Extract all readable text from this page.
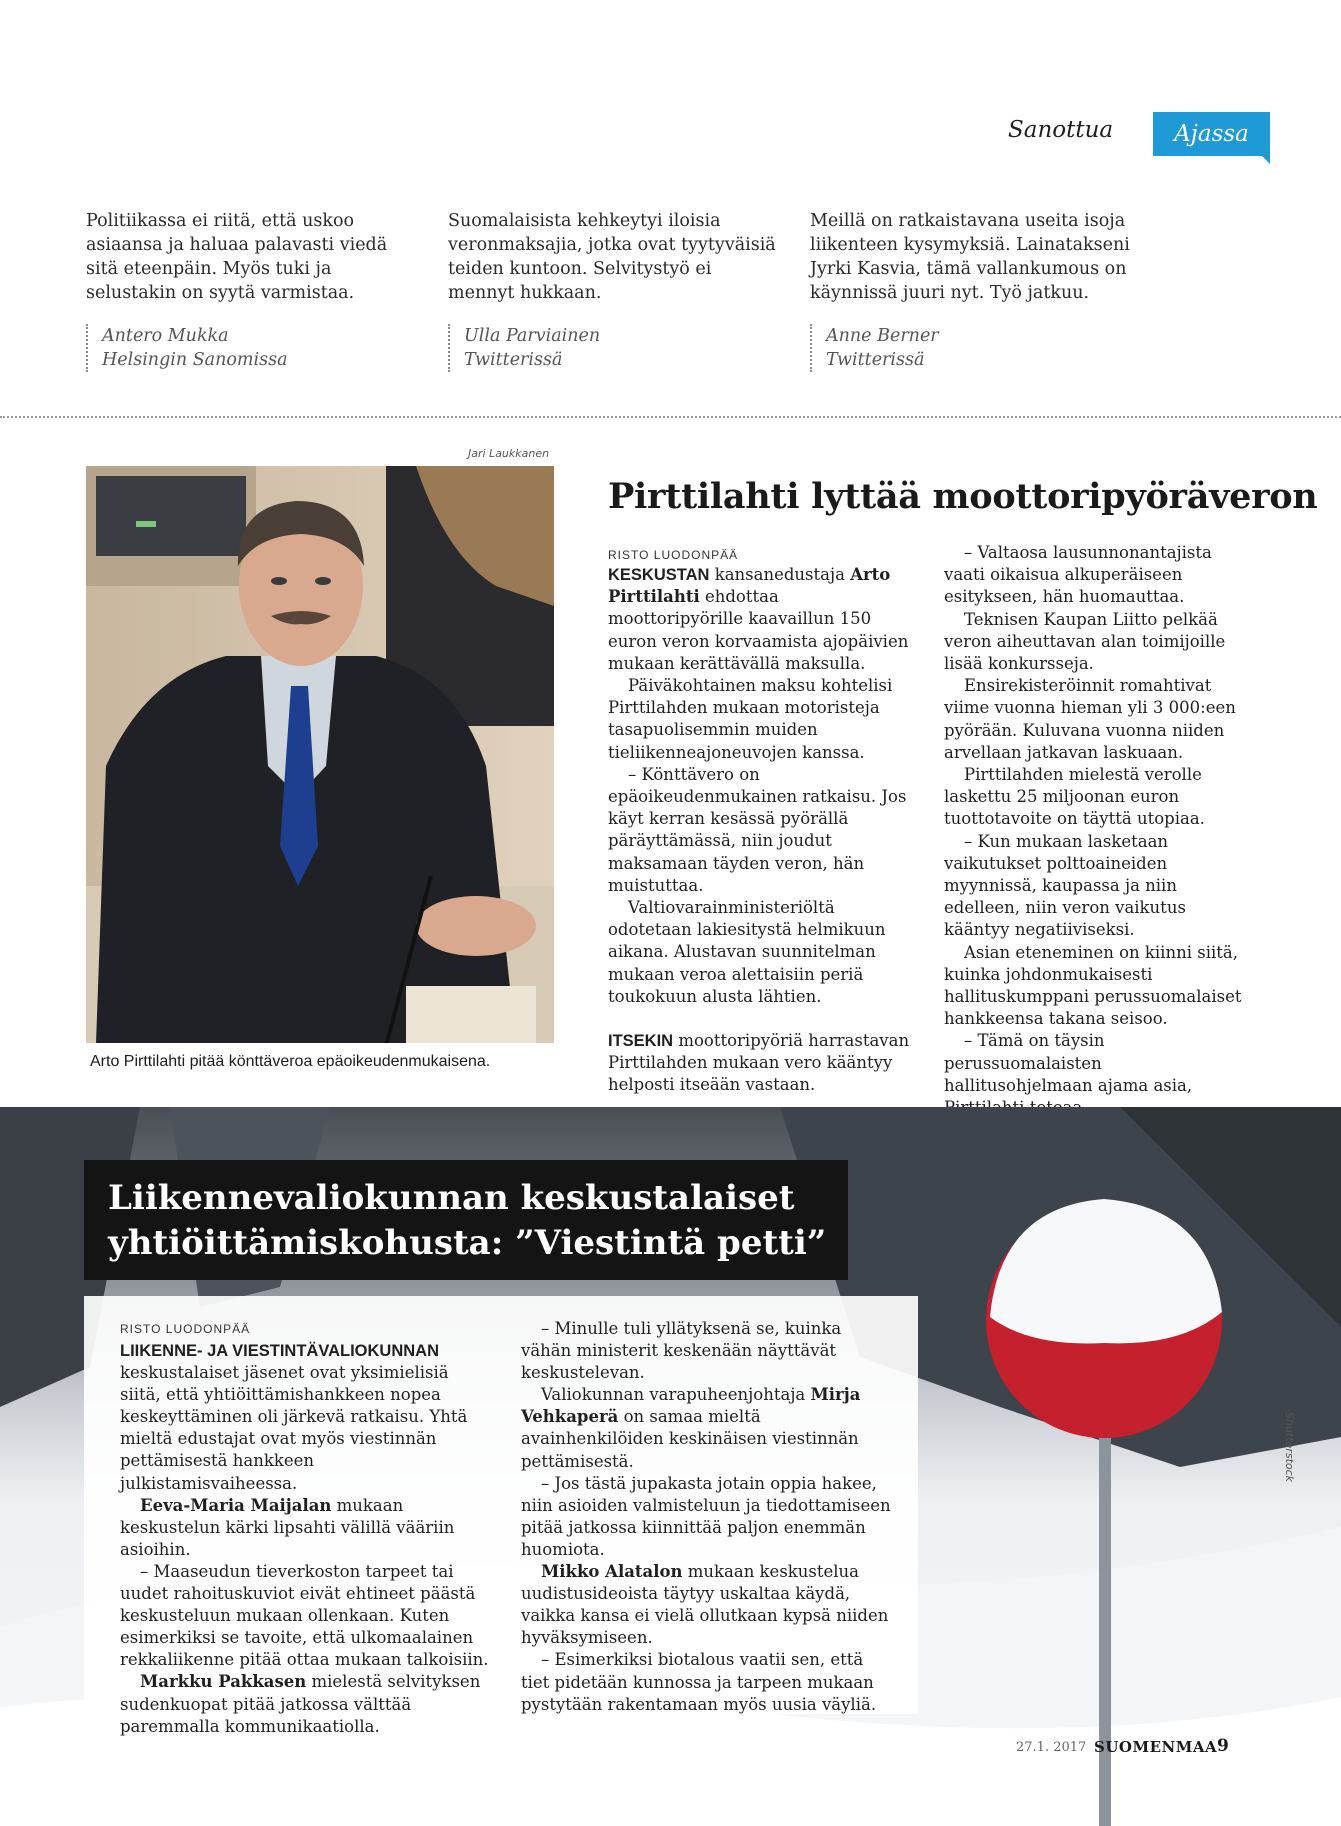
Sanottua	Ajassa
Politiikassa ei riitä, että uskoo asiaansa ja haluaa palavasti viedä sitä eteenpäin. Myös tuki ja selustakin on syytä varmistaa.
Antero Mukka
Helsingin Sanomissa
Suomalaisista kehkeytyi iloisia veronmaksajia, jotka ovat tyytyväisiä teiden kuntoon. Selvitystyö ei mennyt hukkaan.
Ulla Parviainen
Twitterissä
Meillä on ratkaistavana useita isoja liikenteen kysymyksiä. Lainatakseni Jyrki Kasvia, tämä vallankumous on käynnissä juuri nyt. Työ jatkuu.
Anne Berner
Twitterissä
Jari Laukkanen
Arto Pirttilahti pitää könttäveroa epäoikeudenmukaisena.
Pirttilahti lyttää moottoripyöräveron
RISTO LUODONPÄÄ

KESKUSTAN kansanedustaja Arto Pirttilahti ehdottaa moottoripyörille kaavaillun 150 euron veron korvaamista ajopäivien mukaan kerättävällä maksulla.

Päiväkohtainen maksu kohtelisi Pirttilahden mukaan motoristeja tasapuolisemmin muiden tieliikenneajoneuvojen kanssa.

– Könttävero on epäoikeudenmukainen ratkaisu. Jos käyt kerran kesässä pyörällä päräyttämässä, niin joudut maksamaan täyden veron, hän muistuttaa.

Valtiovarainministeriöltä odotetaan lakiesitystä helmikuun aikana. Alustavan suunnitelman mukaan veroa alettaisiin periä toukokuun alusta lähtien.

ITSEKIN moottoripyöriä harrastavan Pirttilahden mukaan vero kääntyy helposti itseään vastaan.

– Valtaosa lausunnonantajista vaati oikaisua alkuperäiseen esitykseen, hän huomauttaa.

Teknisen Kaupan Liitto pelkää veron aiheuttavan alan toimijoille lisää konkursseja.

Ensirekisteröinnit romahtivat viime vuonna hieman yli 3 000:een pyörään. Kuluvana vuonna niiden arvellaan jatkavan laskuaan.

Pirttilahden mielestä verolle laskettu 25 miljoonan euron tuottotavoite on täyttä utopiaa.

– Kun mukaan lasketaan vaikutukset polttoaineiden myynnissä, kaupassa ja niin edelleen, niin veron vaikutus kääntyy negatiiviseksi.

Asian eteneminen on kiinni siitä, kuinka johdonmukaisesti hallituskumppani perussuomalaiset hankkeensa takana seisoo.

– Tämä on täysin perussuomalaisten hallitusohjelmaan ajama asia,

Liikennevaliokunnan keskustalaiset
yhtiöittämiskohusta: ”Viestintä petti”
RISTO LUODONPÄÄ

LIIKENNE- JA VIESTINTÄVALIOKUNNAN keskustalaiset jäsenet ovat yksimielisiä siitä, että yhtiöittämishankkeen nopea keskeyttäminen oli järkevä ratkaisu. Yhtä mieltä edustajat ovat myös viestinnän pettämisestä hankkeen julkistamisvaiheessa.

Eeva-Maria Maijalan mukaan keskustelun kärki lipsahti välillä vääriin asioihin.

– Maaseudun tieverkoston tarpeet tai uudet rahoituskuviot eivät ehtineet päästä keskusteluun mukaan ollenkaan. Kuten esimerkiksi se tavoite, että ulkomaalainen rekkaliikenne pitää ottaa mukaan talkoisiin.

Markku Pakkasen mielestä selvityksen sudenkuopat pitää jatkossa välttää paremmalla kommunikaatiolla.

– Minulle tuli yllätyksenä se, kuinka vähän ministerit keskenään näyttävät keskustelevan.

Valiokunnan varapuheenjohtaja Mirja Vehkaperä on samaa mieltä avainhenkilöiden keskinäisen viestinnän pettämisestä.

– Jos tästä jupakasta jotain oppia hakee, niin asioiden valmisteluun ja tiedottamiseen pitää jatkossa kiinnittää paljon enemmän huomiota.

Mikko Alatalon mukaan keskustelua uudistusideoista täytyy uskaltaa käydä, vaikka kansa ei vielä ollutkaan kypsä niiden hyväksymiseen.

– Esimerkiksi biotalous vaatii sen, että tiet pidetään kunnossa ja tarpeen mukaan pystytään rakentamaan myös uusia väyliä.

Shutterstock
27.1. 2017 SUOMENMAA 9
